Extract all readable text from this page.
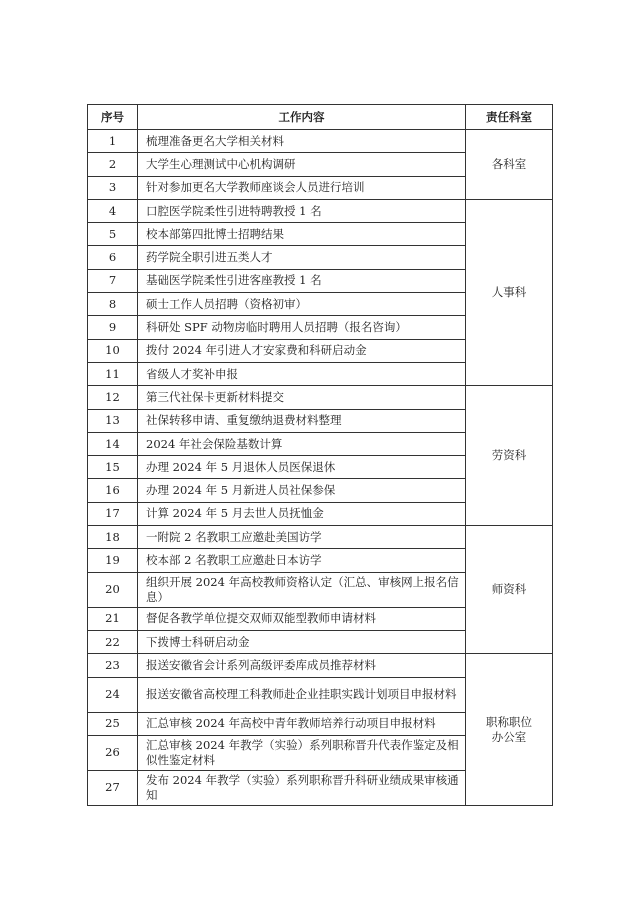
序号	工作内容	责任科室
1	梳理准备更名大学相关材料	各科室
2	大学生心理测试中心机构调研	
3	针对参加更名大学教师座谈会人员进行培训	
4	口腔医学院柔性引进特聘教授 1 名	人事科
5	校本部第四批博士招聘结果	
6	药学院全职引进五类人才	
7	基础医学院柔性引进客座教授 1 名	
8	硕士工作人员招聘（资格初审）	
9	科研处 SPF 动物房临时聘用人员招聘（报名咨询）	
10	拨付 2024 年引进人才安家费和科研启动金	
11	省级人才奖补申报	
12	第三代社保卡更新材料提交	劳资科
13	社保转移申请、重复缴纳退费材料整理	
14	2024 年社会保险基数计算	
15	办理 2024 年 5 月退休人员医保退休	
16	办理 2024 年 5 月新进人员社保参保	
17	计算 2024 年 5 月去世人员抚恤金	
18	一附院 2 名教职工应邀赴美国访学	师资科
19	校本部 2 名教职工应邀赴日本访学	
20	组织开展 2024 年高校教师资格认定（汇总、审核网上报名信息）	
21	督促各教学单位提交双师双能型教师申请材料	
22	下拨博士科研启动金	
23	报送安徽省会计系列高级评委库成员推荐材料	职称职位办公室
24	报送安徽省高校理工科教师赴企业挂职实践计划项目申报材料	
25	汇总审核 2024 年高校中青年教师培养行动项目申报材料	
26	汇总审核 2024 年教学（实验）系列职称晋升代表作鉴定及相似性鉴定材料	
27	发布 2024 年教学（实验）系列职称晋升科研业绩成果审核通知	
